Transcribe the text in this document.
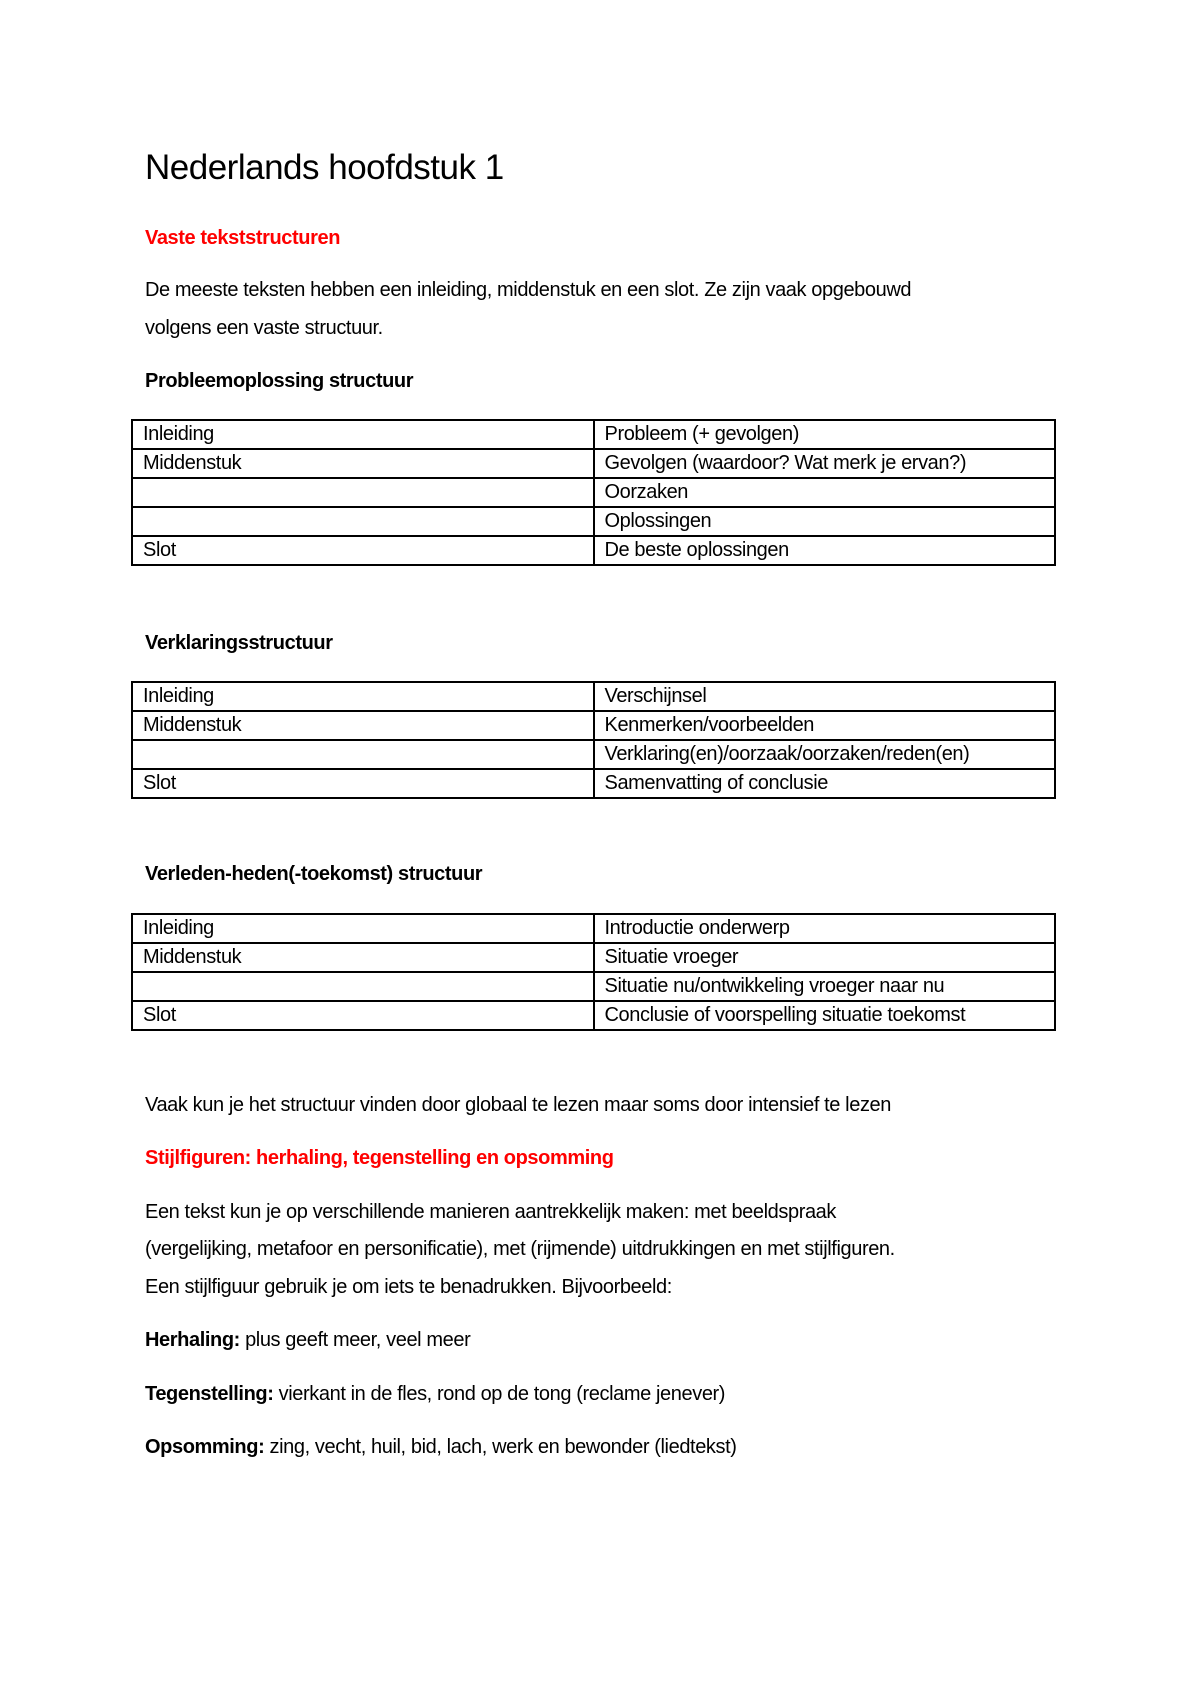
Nederlands hoofdstuk 1
Vaste tekststructuren
De meeste teksten hebben een inleiding, middenstuk en een slot. Ze zijn vaak opgebouwd
volgens een vaste structuur.
Probleemoplossing structuur
Inleiding	Probleem (+ gevolgen)
Middenstuk	Gevolgen (waardoor? Wat merk je ervan?)
	Oorzaken
	Oplossingen
Slot	De beste oplossingen
Verklaringsstructuur
Inleiding	Verschijnsel
Middenstuk	Kenmerken/voorbeelden
	Verklaring(en)/oorzaak/oorzaken/reden(en)
Slot	Samenvatting of conclusie
Verleden-heden(-toekomst) structuur
Inleiding	Introductie onderwerp
Middenstuk	Situatie vroeger
	Situatie nu/ontwikkeling vroeger naar nu
Slot	Conclusie of voorspelling situatie toekomst
Vaak kun je het structuur vinden door globaal te lezen maar soms door intensief te lezen
Stijlfiguren: herhaling, tegenstelling en opsomming
Een tekst kun je op verschillende manieren aantrekkelijk maken: met beeldspraak
(vergelijking, metafoor en personificatie), met (rijmende) uitdrukkingen en met stijlfiguren.
Een stijlfiguur gebruik je om iets te benadrukken. Bijvoorbeeld:
Herhaling: plus geeft meer, veel meer
Tegenstelling: vierkant in de fles, rond op de tong (reclame jenever)
Opsomming: zing, vecht, huil, bid, lach, werk en bewonder (liedtekst)
